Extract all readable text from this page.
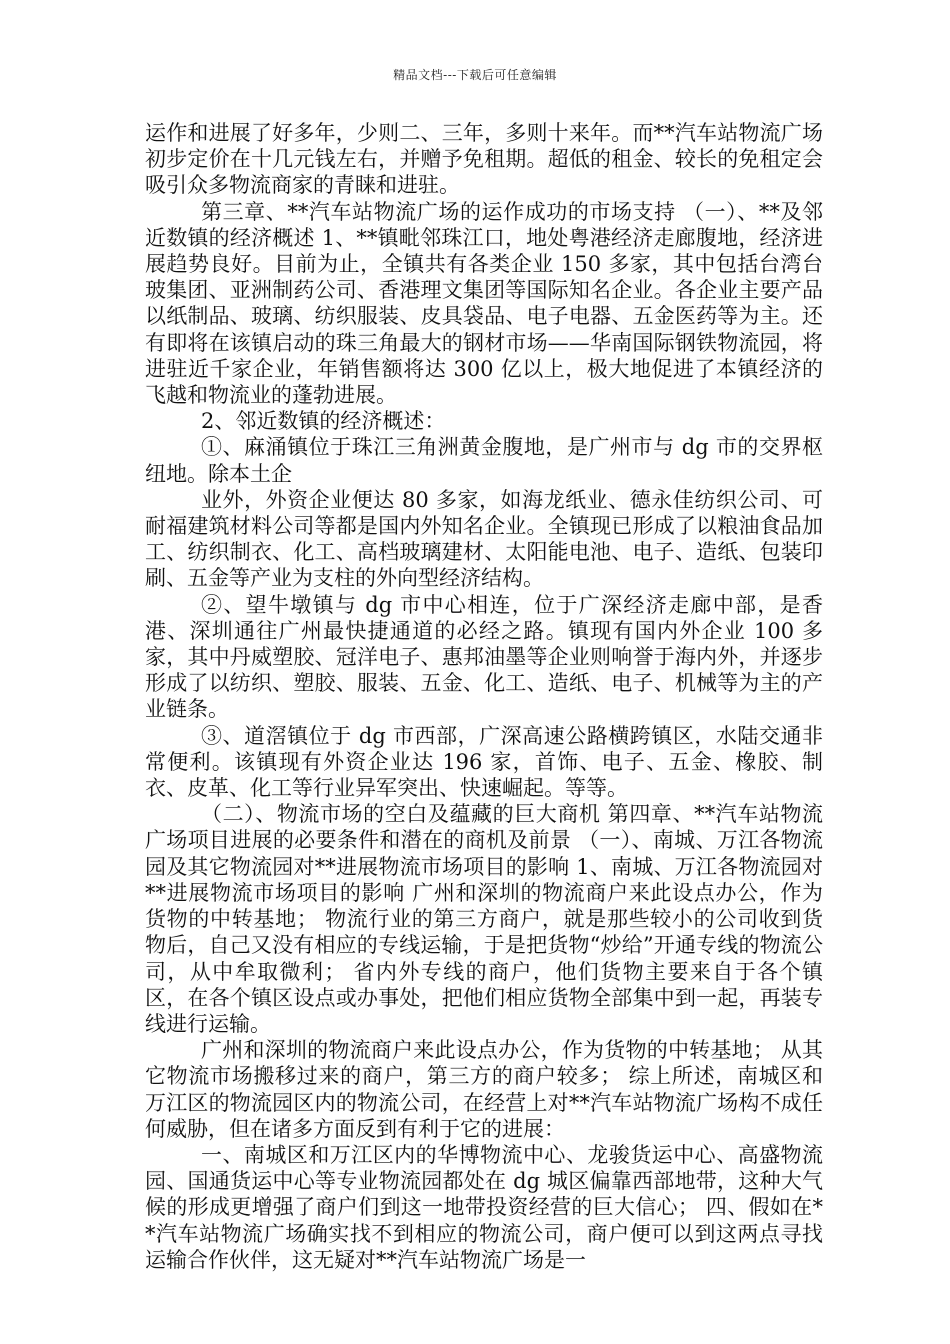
精品文档---下载后可任意编辑

运作和进展了好多年，少则二、三年，多则十来年。而**汽车站物流广场初步定价在十几元钱左右，并赠予免租期。超低的租金、较长的免租定会吸引众多物流商家的青睐和进驻。

第三章、**汽车站物流广场的运作成功的市场支持 （一）、**及邻近数镇的经济概述 1、**镇毗邻珠江口，地处粤港经济走廊腹地，经济进展趋势良好。目前为止，全镇共有各类企业 150 多家，其中包括台湾台玻集团、亚洲制药公司、香港理文集团等国际知名企业。各企业主要产品以纸制品、玻璃、纺织服装、皮具袋品、电子电器、五金医药等为主。还有即将在该镇启动的珠三角最大的钢材市场——华南国际钢铁物流园，将进驻近千家企业，年销售额将达 300 亿以上，极大地促进了本镇经济的飞越和物流业的蓬勃进展。

2、邻近数镇的经济概述：

①、麻涌镇位于珠江三角洲黄金腹地，是广州市与 dg 市的交界枢纽地。除本土企

业外，外资企业便达 80 多家，如海龙纸业、德永佳纺织公司、可耐福建筑材料公司等都是国内外知名企业。全镇现已形成了以粮油食品加工、纺织制衣、化工、高档玻璃建材、太阳能电池、电子、造纸、包装印刷、五金等产业为支柱的外向型经济结构。

②、望牛墩镇与 dg 市中心相连，位于广深经济走廊中部，是香港、深圳通往广州最快捷通道的必经之路。镇现有国内外企业 100 多家，其中丹威塑胶、冠洋电子、惠邦油墨等企业则响誉于海内外，并逐步形成了以纺织、塑胶、服装、五金、化工、造纸、电子、机械等为主的产业链条。

③、道滘镇位于 dg 市西部，广深高速公路横跨镇区，水陆交通非常便利。该镇现有外资企业达 196 家，首饰、电子、五金、橡胶、制衣、皮革、化工等行业异军突出、快速崛起。等等。

（二）、物流市场的空白及蕴藏的巨大商机 第四章、**汽车站物流广场项目进展的必要条件和潜在的商机及前景 （一）、南城、万江各物流园及其它物流园对**进展物流市场项目的影响 1、南城、万江各物流园对**进展物流市场项目的影响 广州和深圳的物流商户来此设点办公，作为货物的中转基地； 物流行业的第三方商户，就是那些较小的公司收到货物后，自己又没有相应的专线运输，于是把货物“炒给”开通专线的物流公司，从中牟取微利； 省内外专线的商户，他们货物主要来自于各个镇区，在各个镇区设点或办事处，把他们相应货物全部集中到一起，再装专线进行运输。

广州和深圳的物流商户来此设点办公，作为货物的中转基地； 从其它物流市场搬移过来的商户，第三方的商户较多； 综上所述，南城区和万江区的物流园区内的物流公司，在经营上对**汽车站物流广场构不成任何威胁，但在诸多方面反到有利于它的进展：

一、南城区和万江区内的华博物流中心、龙骏货运中心、高盛物流园、国通货运中心等专业物流园都处在 dg 城区偏靠西部地带，这种大气候的形成更增强了商户们到这一地带投资经营的巨大信心； 四、假如在**汽车站物流广场确实找不到相应的物流公司，商户便可以到这两点寻找运输合作伙伴，这无疑对**汽车站物流广场是一
